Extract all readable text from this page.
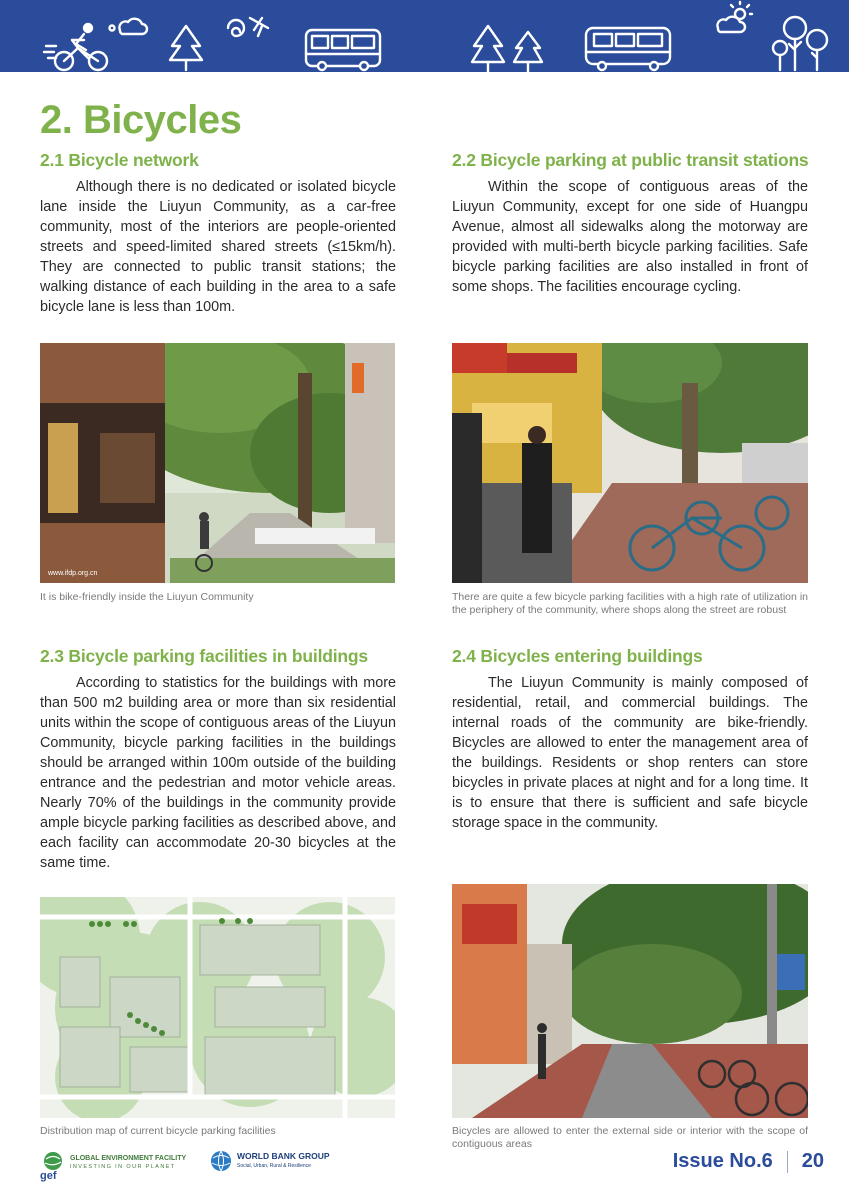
2. Bicycles
2.1 Bicycle network

Although there is no dedicated or isolated bicycle lane inside the Liuyun Community, as a car-free community, most of the interiors are people-oriented streets and speed-limited shared streets (≤15km/h). They are connected to public transit stations; the walking distance of each building in the area to a safe bicycle lane is less than 100m.

2.2 Bicycle parking at public transit stations

Within the scope of contiguous areas of the Liuyun Community, except for one side of Huangpu Avenue, almost all sidewalks along the motorway are provided with multi-berth bicycle parking facilities. Safe bicycle parking facilities are also installed in front of some shops. The facilities encourage cycling.

www.ifdp.org.cn
It is bike-friendly inside the Liuyun Community	There are quite a few bicycle parking facilities with a high rate of utilization in the periphery of the community, where shops along the street are robust
2.3 Bicycle parking facilities in buildings

According to statistics for the buildings with more than 500 m2 building area or more than six residential units within the scope of contiguous areas of the Liuyun Community, bicycle parking facilities in the buildings should be arranged within 100m outside of the building entrance and the pedestrian and motor vehicle areas. Nearly 70% of the buildings in the community provide ample bicycle parking facilities as described above, and each facility can accommodate 20-30 bicycles at the same time.

2.4 Bicycles entering buildings

The Liuyun Community is mainly composed of residential, retail, and commercial buildings. The internal roads of the community are bike-friendly. Bicycles are allowed to enter the management area of the buildings. Residents or shop renters can store bicycles in private places at night and for a long time. It is to ensure that there is sufficient and safe bicycle storage space in the community.

Distribution map of current bicycle parking facilities	Bicycles are allowed to enter the external side or interior with the scope of contiguous areas
GLOBAL ENVIRONMENT FACILITY
INVESTING IN OUR PLANET
gef
WORLD BANK GROUP
Social, Urban, Rural & Resilience	Issue No.6 20
